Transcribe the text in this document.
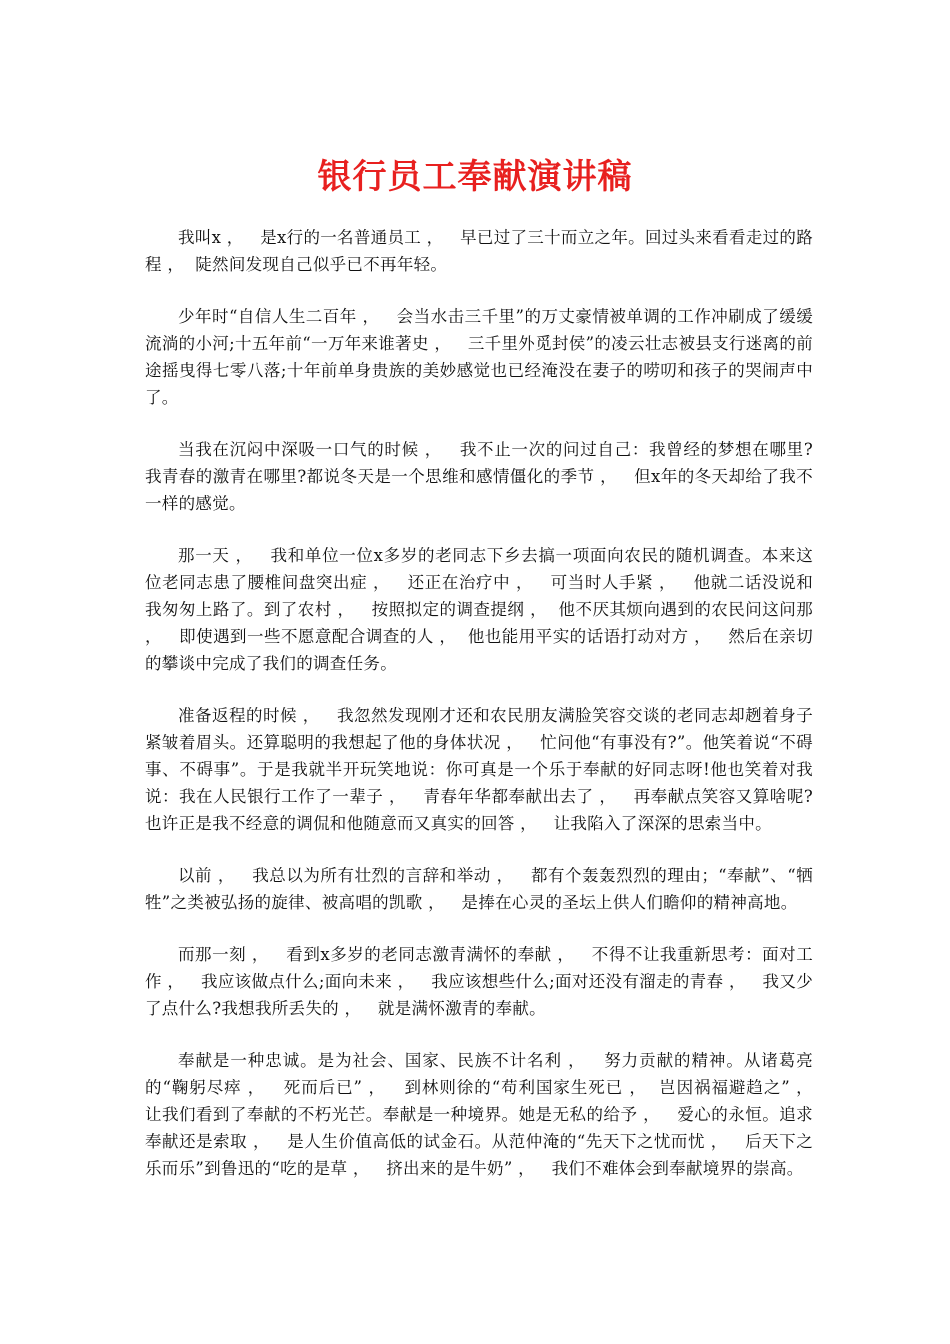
银行员工奉献演讲稿

我叫x ，   是x行的一名普通员工 ，   早已过了三十而立之年。回过头来看看走过的路程 ，  陡然间发现自己似乎已不再年轻。

少年时“自信人生二百年 ，   会当水击三千里”的万丈豪情被单调的工作冲刷成了缓缓流淌的小河;十五年前“一万年来谁著史 ，   三千里外觅封侯”的凌云壮志被县支行迷离的前途摇曳得七零八落;十年前单身贵族的美妙感觉也已经淹没在妻子的唠叨和孩子的哭闹声中了。

当我在沉闷中深吸一口气的时候 ，   我不止一次的问过自己：我曾经的梦想在哪里?我青春的激青在哪里?都说冬天是一个思维和感情僵化的季节 ，   但x年的冬天却给了我不一样的感觉。

那一天 ，   我和单位一位x多岁的老同志下乡去搞一项面向农民的随机调查。本来这位老同志患了腰椎间盘突出症 ，   还正在治疗中 ，   可当时人手紧 ，   他就二话没说和我匆匆上路了。到了农村 ，   按照拟定的调查提纲 ，  他不厌其烦向遇到的农民问这问那 ，   即使遇到一些不愿意配合调查的人 ，  他也能用平实的话语打动对方 ，   然后在亲切的攀谈中完成了我们的调查任务。

准备返程的时候 ，   我忽然发现刚才还和农民朋友满脸笑容交谈的老同志却趔着身子紧皱着眉头。还算聪明的我想起了他的身体状况 ，   忙问他“有事没有?”。他笑着说“不碍事、不碍事”。于是我就半开玩笑地说：你可真是一个乐于奉献的好同志呀!他也笑着对我说：我在人民银行工作了一辈子 ，   青春年华都奉献出去了 ，   再奉献点笑容又算啥呢?也许正是我不经意的调侃和他随意而又真实的回答 ，   让我陷入了深深的思索当中。

以前 ，   我总以为所有壮烈的言辞和举动 ，   都有个轰轰烈烈的理由；“奉献”、“牺牲”之类被弘扬的旋律、被高唱的凯歌 ，   是捧在心灵的圣坛上供人们瞻仰的精神高地。

而那一刻 ，   看到x多岁的老同志激青满怀的奉献 ，   不得不让我重新思考：面对工作 ，   我应该做点什么;面向未来 ，   我应该想些什么;面对还没有溜走的青春 ，   我又少了点什么?我想我所丢失的 ，   就是满怀激青的奉献。

奉献是一种忠诚。是为社会、国家、民族不计名利 ，   努力贡献的精神。从诸葛亮的“鞠躬尽瘁 ，   死而后已” ，   到林则徐的“苟利国家生死已 ，  岂因祸福避趋之” ，   让我们看到了奉献的不朽光芒。奉献是一种境界。她是无私的给予 ，   爱心的永恒。追求奉献还是索取 ，   是人生价值高低的试金石。从范仲淹的“先天下之忧而忧 ，   后天下之乐而乐”到鲁迅的“吃的是草 ，   挤出来的是牛奶” ，   我们不难体会到奉献境界的崇高。
